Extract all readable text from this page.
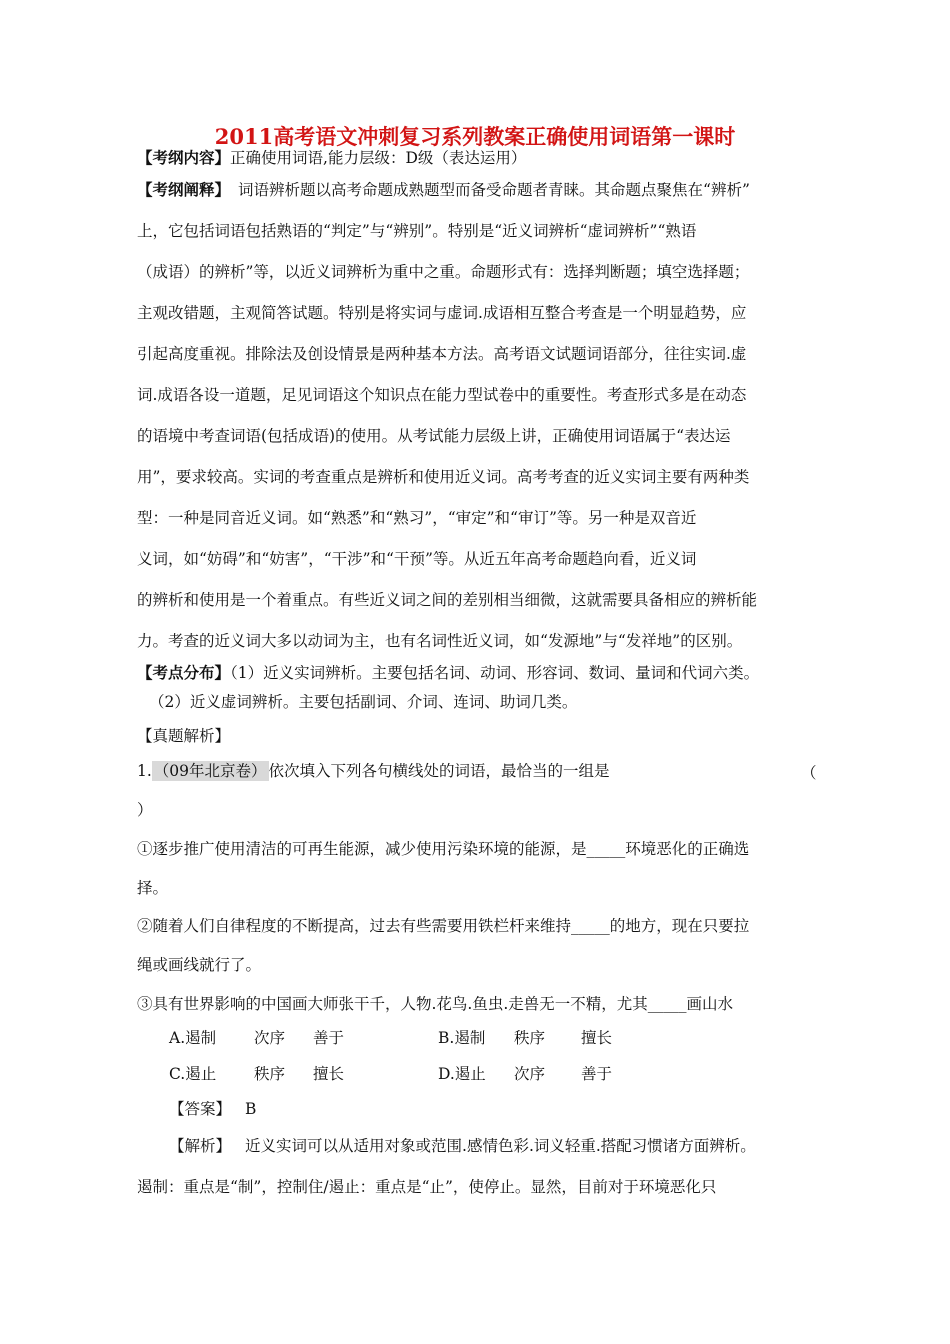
2011高考语文冲刺复习系列教案正确使用词语第一课时
【考纲内容】正确使用词语,能力层级：D级（表达运用）
【考纲阐释】 词语辨析题以高考命题成熟题型而备受命题者青睐。其命题点聚焦在“辨析”
上，它包括词语包括熟语的“判定”与“辨别”。特别是“近义词辨析“虚词辨析”“熟语
（成语）的辨析”等，以近义词辨析为重中之重。命题形式有：选择判断题；填空选择题；
主观改错题，主观简答试题。特别是将实词与虚词.成语相互整合考查是一个明显趋势，应
引起高度重视。排除法及创设情景是两种基本方法。高考语文试题词语部分，往往实词.虚
词.成语各设一道题，足见词语这个知识点在能力型试卷中的重要性。考查形式多是在动态
的语境中考查词语(包括成语)的使用。从考试能力层级上讲，正确使用词语属于“表达运
用”，要求较高。实词的考查重点是辨析和使用近义词。高考考查的近义实词主要有两种类
型：一种是同音近义词。如“熟悉”和“熟习”，“审定”和“审订”等。另一种是双音近
义词，如“妨碍”和“妨害”，“干涉”和“干预”等。从近五年高考命题趋向看，近义词
的辨析和使用是一个着重点。有些近义词之间的差别相当细微，这就需要具备相应的辨析能
力。考查的近义词大多以动词为主，也有名词性近义词，如“发源地”与“发祥地”的区别。
【考点分布】（1）近义实词辨析。主要包括名词、动词、形容词、数词、量词和代词六类。
（2）近义虚词辨析。主要包括副词、介词、连词、助词几类。
【真题解析】
1. （09年北京卷） 依次填入下列各句横线处的词语，最恰当的一组是	（
）
①逐步推广使用清洁的可再生能源，减少使用污染环境的能源，是_____环境恶化的正确选
择。
②随着人们自律程度的不断提高，过去有些需要用铁栏杆来维持_____的地方，现在只要拉
绳或画线就行了。
③具有世界影响的中国画大师张干千，人物.花鸟.鱼虫.走兽无一不精，尤其_____画山水
A.遏制 次序 善于	B.遏制 秩序 擅长
C.遏止 秩序 擅长	D.遏止 次序 善于
【答案】 B
【解析】 近义实词可以从适用对象或范围.感情色彩.词义轻重.搭配习惯诸方面辨析。
遏制：重点是“制”，控制住/遏止：重点是“止”，使停止。显然，目前对于环境恶化只
